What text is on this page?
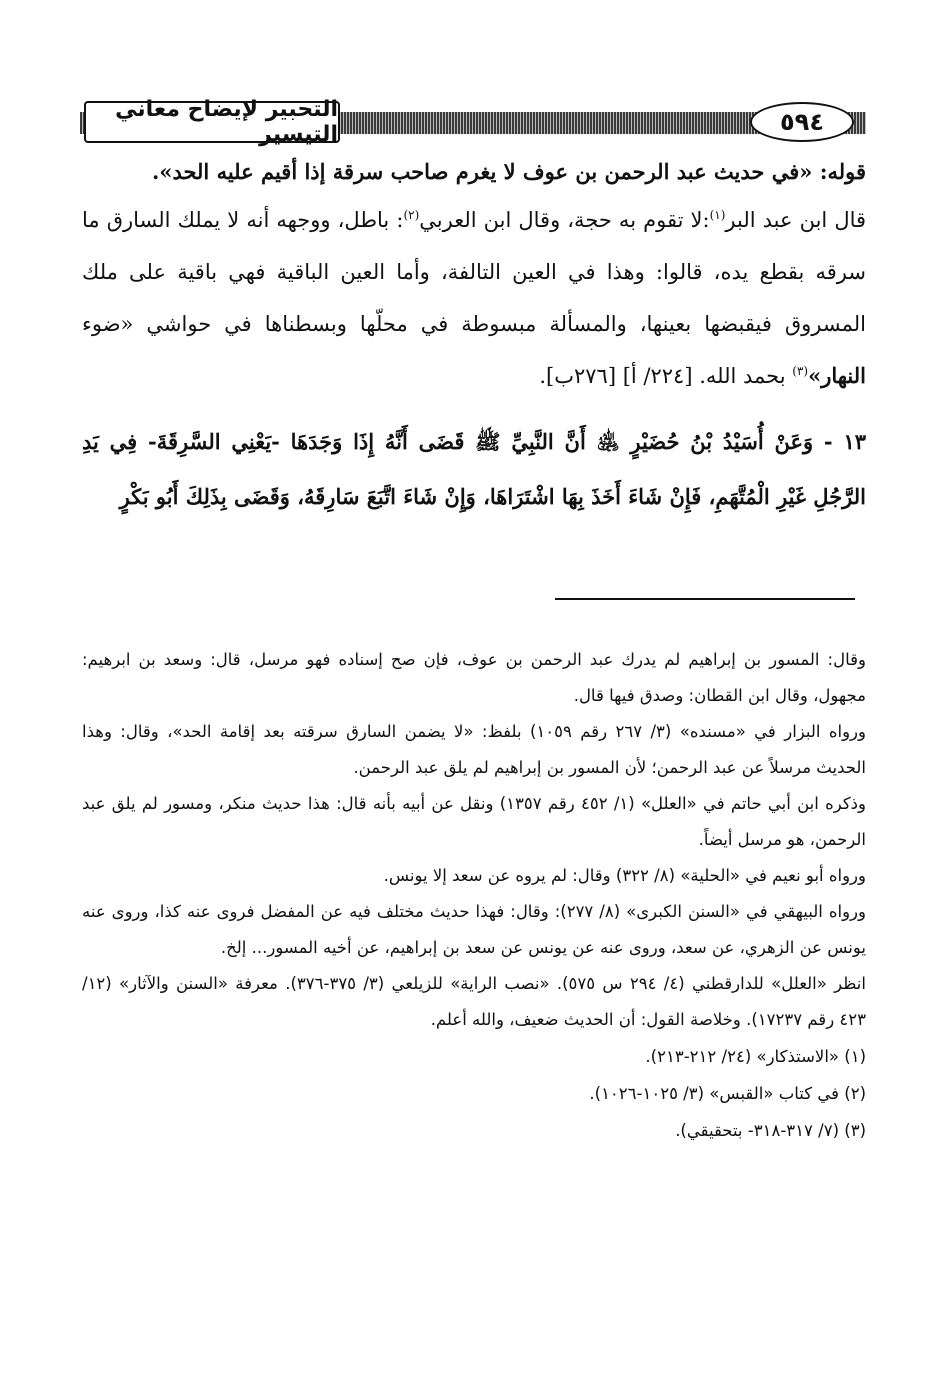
التحبير لإيضاح معاني التيسير	٥٩٤

قوله: «في حديث عبد الرحمن بن عوف لا يغرم صاحب سرقة إذا أقيم عليه الحد».

قال ابن عبد البر$^{(١)}$:لا تقوم به حجة، وقال ابن العربي$^{(٢)}$: باطل، ووجهه أنه لا يملك السارق ما سرقه بقطع يده، قالوا: وهذا في العين التالفة، وأما العين الباقية فهي باقية على ملك المسروق فيقبضها بعينها، والمسألة مبسوطة في محلّها وبسطناها في حواشي «ضوء النهار»$^{(٣)}$ بحمد الله. [٢٢٤/ أ] [٢٧٦ب].

١٣ - وَعَنْ أُسَيْدُ بْنُ حُضَيْرٍ ﵁ أَنَّ النَّبِيِّ ﷺ قَضَى أَنَّهُ إِذَا وَجَدَهَا -يَعْنِي السَّرِقَةَ- فِي يَدِ الرَّجُلِ غَيْرِ الْمُتَّهَمِ، فَإِنْ شَاءَ أَخَذَ بِهَا اشْتَرَاهَا، وَإِنْ شَاءَ اتَّبَعَ سَارِقَهُ، وَقَضَى بِذَلِكَ أَبُو بَكْرٍ

وقال: المسور بن إبراهيم لم يدرك عبد الرحمن بن عوف، فإن صح إسناده فهو مرسل، قال: وسعد بن ابرهيم: مجهول، وقال ابن القطان: وصدق فيها قال.

ورواه البزار في «مسنده» (٣/ ٢٦٧ رقم ١٠٥٩) بلفظ: «لا يضمن السارق سرقته بعد إقامة الحد»، وقال: وهذا الحديث مرسلاً عن عبد الرحمن؛ لأن المسور بن إبراهيم لم يلق عبد الرحمن.

وذكره ابن أبي حاتم في «العلل» (١/ ٤٥٢ رقم ١٣٥٧) ونقل عن أبيه بأنه قال: هذا حديث منكر، ومسور لم يلق عبد الرحمن، هو مرسل أيضاً.

ورواه أبو نعيم في «الحلية» (٨/ ٣٢٢) وقال: لم يروه عن سعد إلا يونس.

ورواه البيهقي في «السنن الكبرى» (٨/ ٢٧٧): وقال: فهذا حديث مختلف فيه عن المفضل فروى عنه كذا، وروى عنه يونس عن الزهري، عن سعد، وروى عنه عن يونس عن سعد بن إبراهيم، عن أخيه المسور... إلخ.

انظر «العلل» للدارقطني (٤/ ٢٩٤ س ٥٧٥). «نصب الراية» للزيلعي (٣/ ٣٧٥-٣٧٦). معرفة «السنن والآثار» (١٢/ ٤٢٣ رقم ١٧٢٣٧). وخلاصة القول: أن الحديث ضعيف، والله أعلم.

(١) «الاستذكار» (٢٤/ ٢١٢-٢١٣).

(٢) في كتاب «القبس» (٣/ ١٠٢٥-١٠٢٦).

(٣) (٧/ ٣١٧-٣١٨- بتحقيقي).
